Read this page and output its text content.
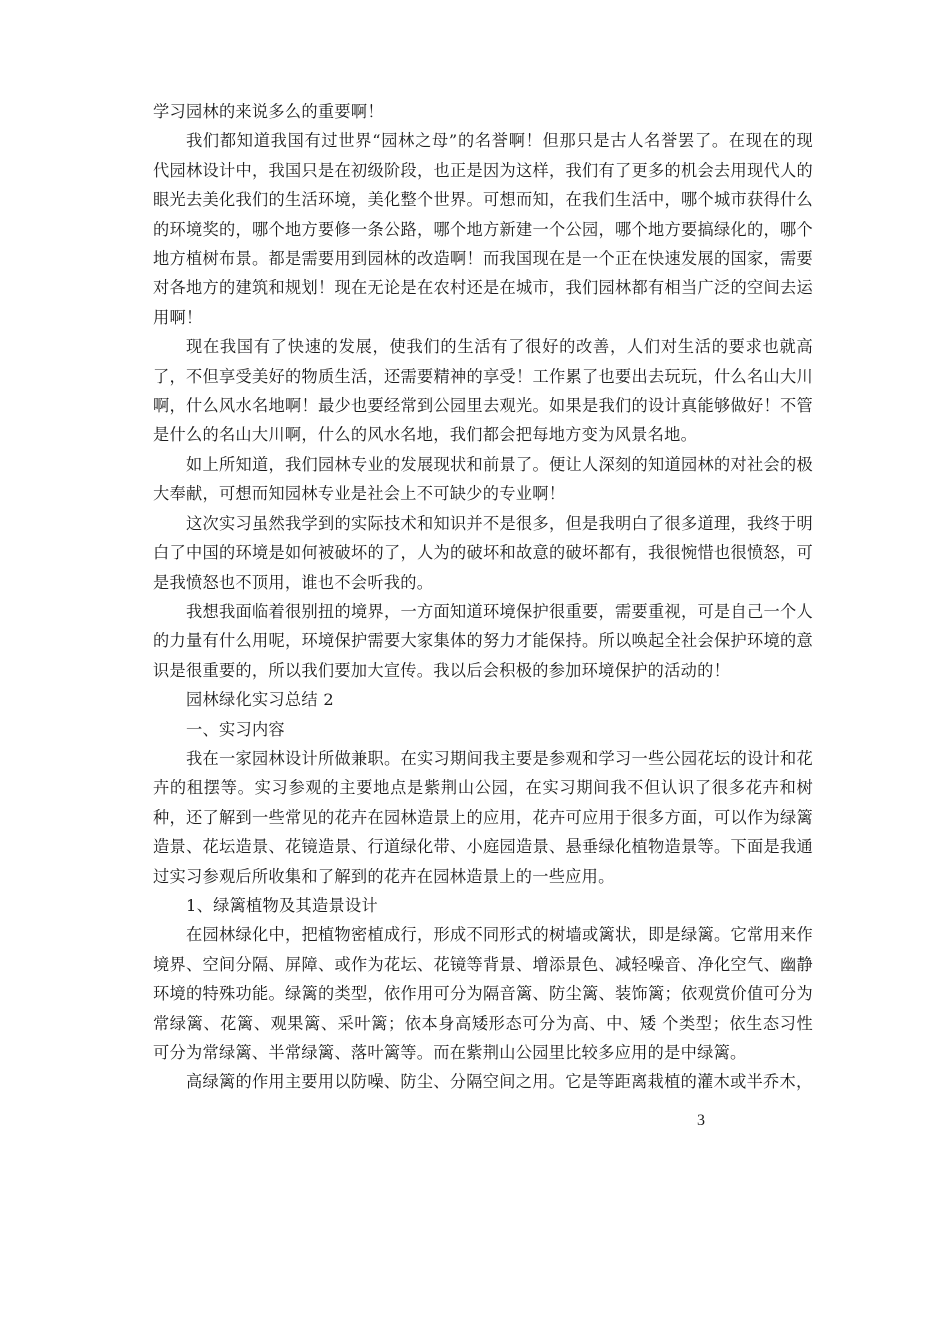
学习园林的来说多么的重要啊！

我们都知道我国有过世界“园林之母”的名誉啊！但那只是古人名誉罢了。在现在的现代园林设计中，我国只是在初级阶段，也正是因为这样，我们有了更多的机会去用现代人的眼光去美化我们的生活环境，美化整个世界。可想而知，在我们生活中，哪个城市获得什么的环境奖的，哪个地方要修一条公路，哪个地方新建一个公园，哪个地方要搞绿化的，哪个地方植树布景。都是需要用到园林的改造啊！而我国现在是一个正在快速发展的国家，需要对各地方的建筑和规划！现在无论是在农村还是在城市，我们园林都有相当广泛的空间去运用啊！

现在我国有了快速的发展，使我们的生活有了很好的改善，人们对生活的要求也就高了，不但享受美好的物质生活，还需要精神的享受！工作累了也要出去玩玩，什么名山大川啊，什么风水名地啊！最少也要经常到公园里去观光。如果是我们的设计真能够做好！不管是什么的名山大川啊，什么的风水名地，我们都会把每地方变为风景名地。

如上所知道，我们园林专业的发展现状和前景了。便让人深刻的知道园林的对社会的极大奉献，可想而知园林专业是社会上不可缺少的专业啊！

这次实习虽然我学到的实际技术和知识并不是很多，但是我明白了很多道理，我终于明白了中国的环境是如何被破坏的了，人为的破坏和故意的破坏都有，我很惋惜也很愤怒，可是我愤怒也不顶用，谁也不会听我的。

我想我面临着很别扭的境界，一方面知道环境保护很重要，需要重视，可是自己一个人的力量有什么用呢，环境保护需要大家集体的努力才能保持。所以唤起全社会保护环境的意识是很重要的，所以我们要加大宣传。我以后会积极的参加环境保护的活动的！

园林绿化实习总结 2

一、实习内容

我在一家园林设计所做兼职。在实习期间我主要是参观和学习一些公园花坛的设计和花卉的租摆等。实习参观的主要地点是紫荆山公园，在实习期间我不但认识了很多花卉和树种，还了解到一些常见的花卉在园林造景上的应用，花卉可应用于很多方面，可以作为绿篱造景、花坛造景、花镜造景、行道绿化带、小庭园造景、悬垂绿化植物造景等。下面是我通过实习参观后所收集和了解到的花卉在园林造景上的一些应用。

1、绿篱植物及其造景设计

在园林绿化中，把植物密植成行，形成不同形式的树墙或篱状，即是绿篱。它常用来作境界、空间分隔、屏障、或作为花坛、花镜等背景、增添景色、减轻噪音、净化空气、幽静环境的特殊功能。绿篱的类型，依作用可分为隔音篱、防尘篱、装饰篱；依观赏价值可分为常绿篱、花篱、观果篱、采叶篱；依本身高矮形态可分为高、中、矮 个类型；依生态习性可分为常绿篱、半常绿篱、落叶篱等。而在紫荆山公园里比较多应用的是中绿篱。

高绿篱的作用主要用以防噪、防尘、分隔空间之用。它是等距离栽植的灌木或半乔木，

3
